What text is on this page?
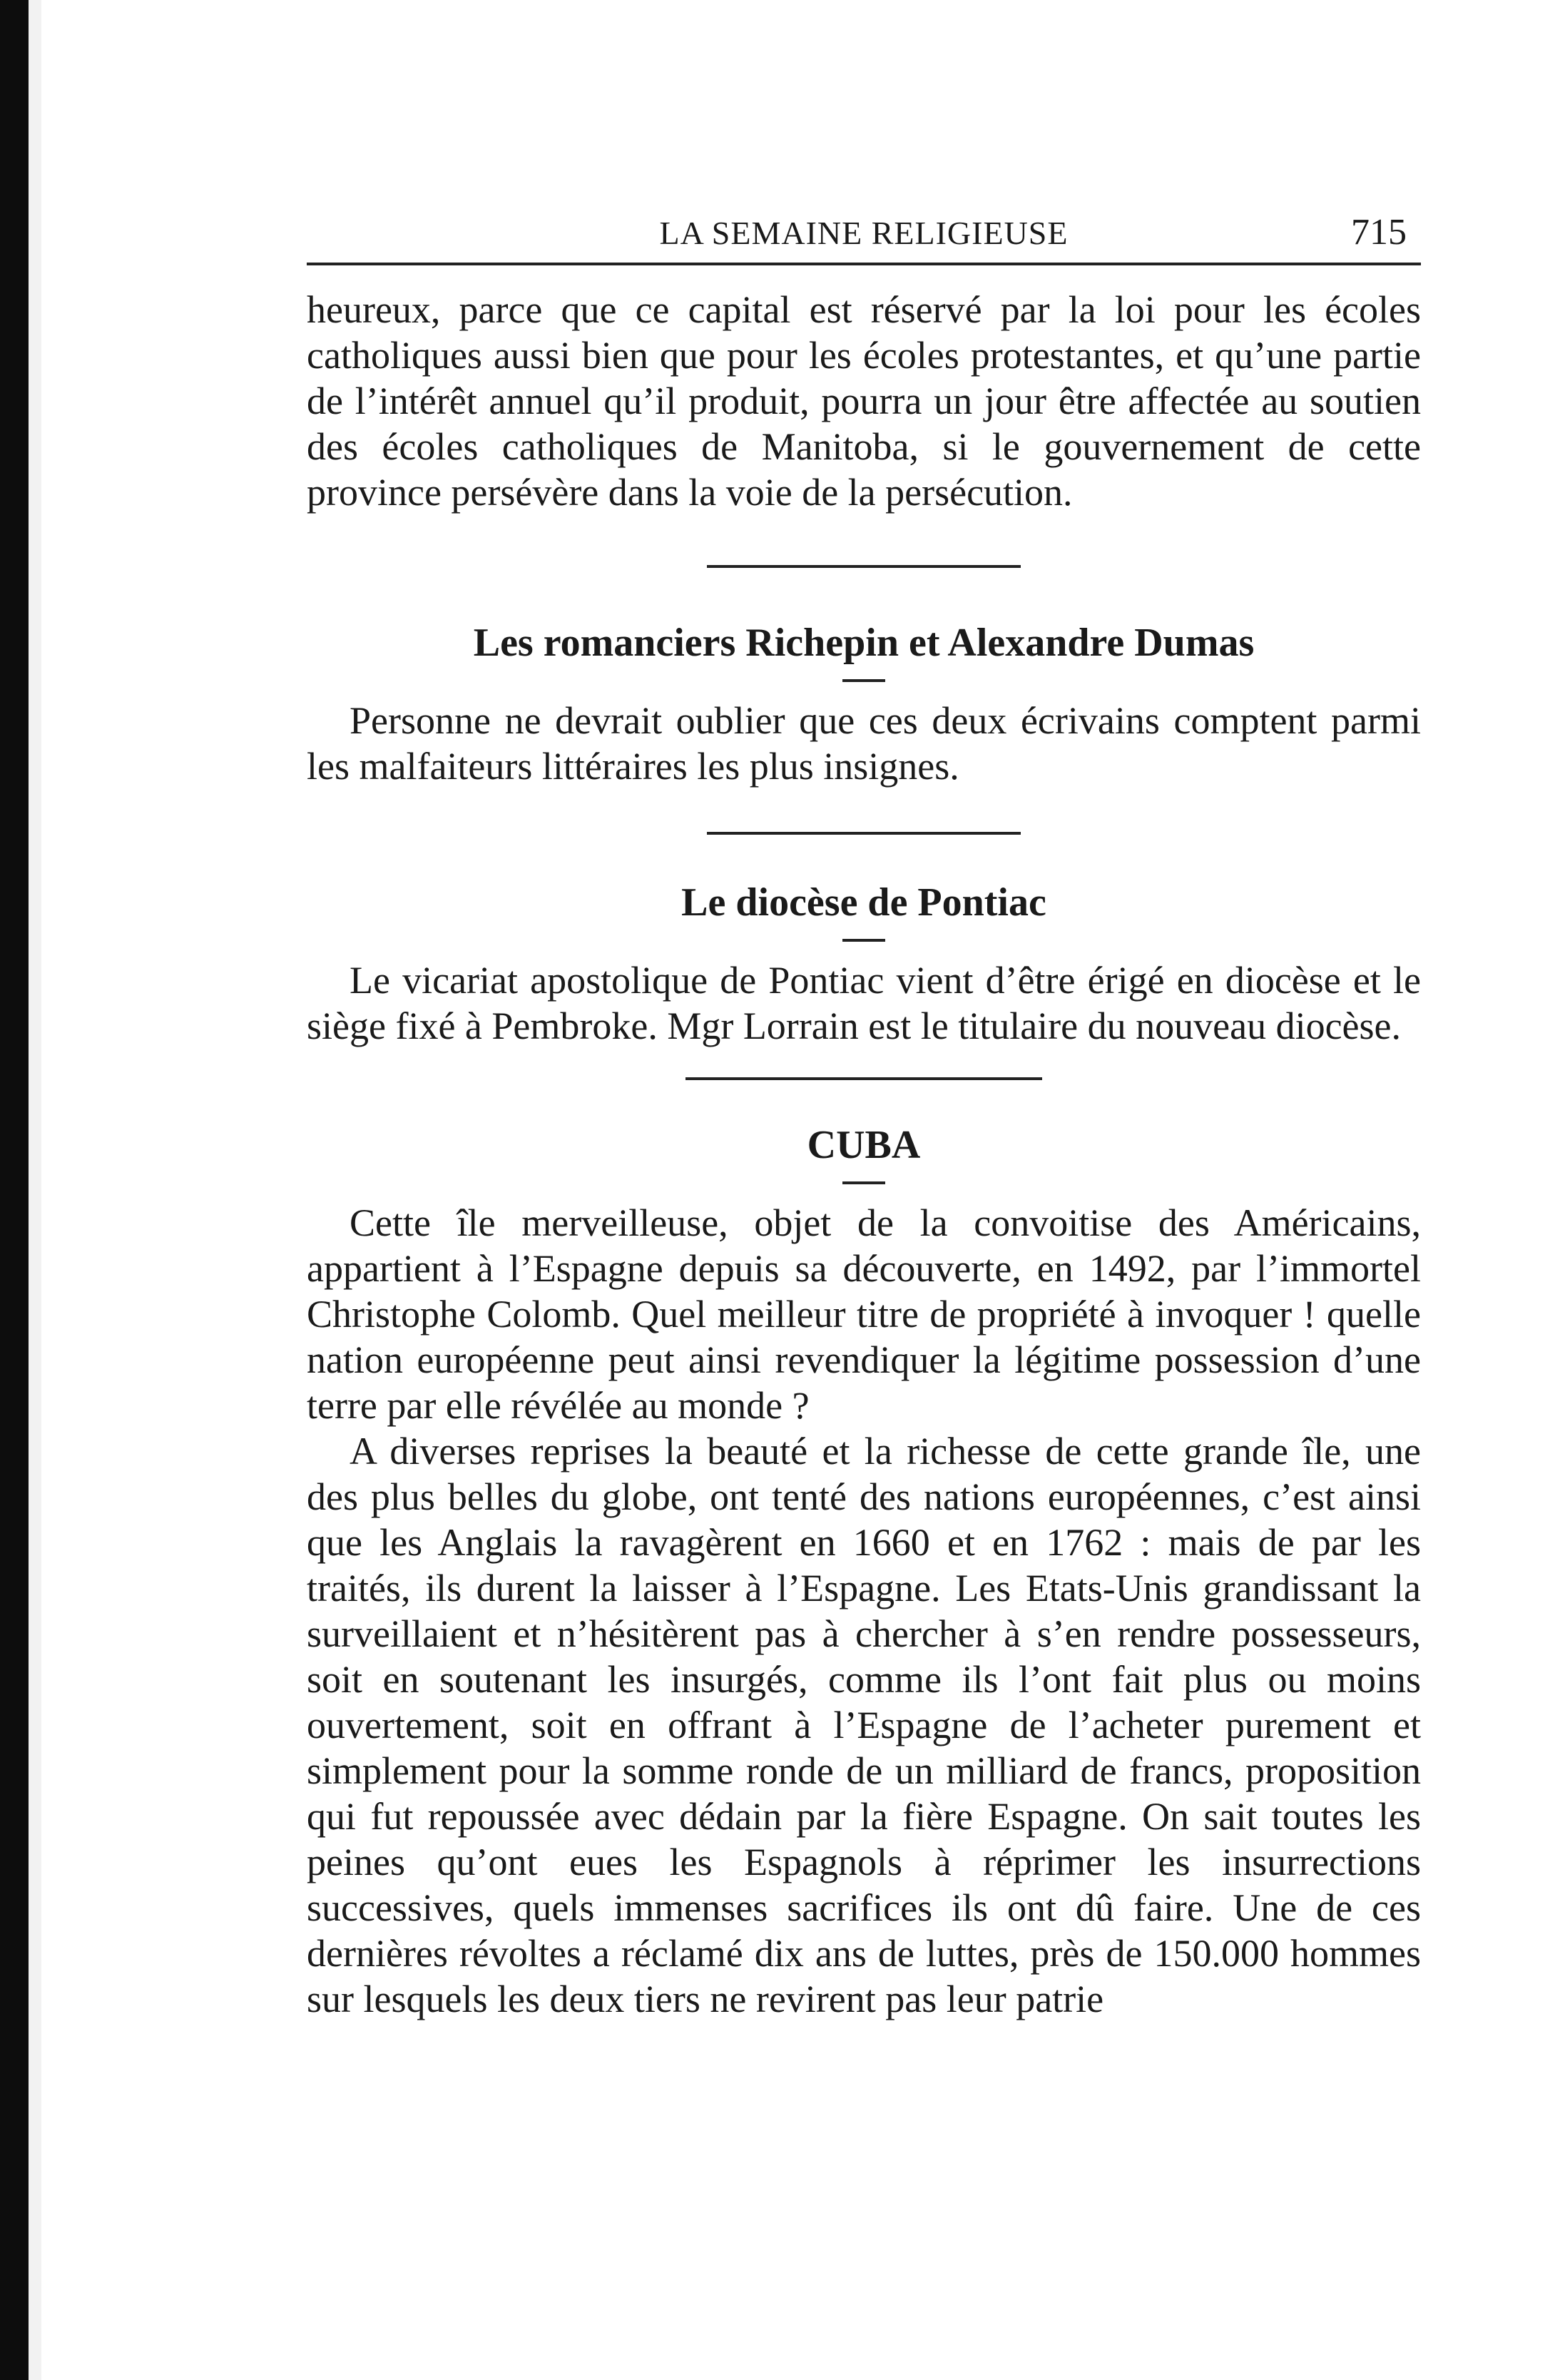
LA SEMAINE RELIGIEUSE	715

heureux, parce que ce capital est réservé par la loi pour les écoles catholiques aussi bien que pour les écoles protestantes, et qu’une partie de l’intérêt annuel qu’il produit, pourra un jour être affectée au soutien des écoles catholiques de Manitoba, si le gouvernement de cette province persévère dans la voie de la persécution.

Les romanciers Richepin et Alexandre Dumas

Personne ne devrait oublier que ces deux écrivains comptent parmi les malfaiteurs littéraires les plus insignes.

Le diocèse de Pontiac

Le vicariat apostolique de Pontiac vient d’être érigé en diocèse et le siège fixé à Pembroke. Mgr Lorrain est le titulaire du nouveau diocèse.

CUBA

Cette île merveilleuse, objet de la convoitise des Américains, appartient à l’Espagne depuis sa découverte, en 1492, par l’immortel Christophe Colomb. Quel meilleur titre de propriété à invoquer ! quelle nation européenne peut ainsi revendiquer la légitime possession d’une terre par elle révélée au monde ?

A diverses reprises la beauté et la richesse de cette grande île, une des plus belles du globe, ont tenté des nations européennes, c’est ainsi que les Anglais la ravagèrent en 1660 et en 1762 : mais de par les traités, ils durent la laisser à l’Espagne. Les Etats-Unis grandissant la surveillaient et n’hésitèrent pas à chercher à s’en rendre possesseurs, soit en soutenant les insurgés, comme ils l’ont fait plus ou moins ouvertement, soit en offrant à l’Espagne de l’acheter purement et simplement pour la somme ronde de un milliard de francs, proposition qui fut repoussée avec dédain par la fière Espagne. On sait toutes les peines qu’ont eues les Espagnols à réprimer les insurrections successives, quels immenses sacrifices ils ont dû faire. Une de ces dernières révoltes a réclamé dix ans de luttes, près de 150.000 hommes sur lesquels les deux tiers ne revirent pas leur patrie
